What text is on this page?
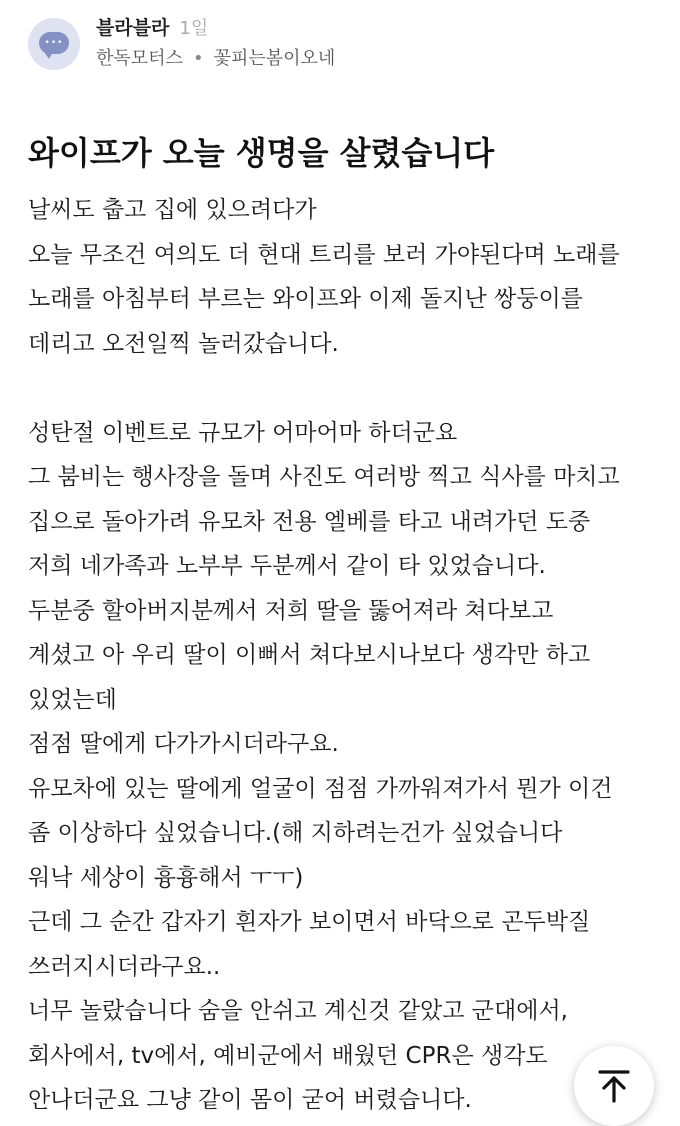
•••
블라블라 1일
한독모터스 • 꽃피는봄이오네
와이프가 오늘 생명을 살렸습니다
날씨도 춥고 집에 있으려다가
오늘 무조건 여의도 더 현대 트리를 보러 가야된다며 노래를
노래를 아침부터 부르는 와이프와 이제 돌지난 쌍둥이를
데리고 오전일찍 놀러갔습니다.
성탄절 이벤트로 규모가 어마어마 하더군요
그 붐비는 행사장을 돌며 사진도 여러방 찍고 식사를 마치고
집으로 돌아가려 유모차 전용 엘베를 타고 내려가던 도중
저희 네가족과 노부부 두분께서 같이 타 있었습니다.
두분중 할아버지분께서 저희 딸을 뚫어져라 쳐다보고
계셨고 아 우리 딸이 이뻐서 쳐다보시나보다 생각만 하고
있었는데
점점 딸에게 다가가시더라구요.
유모차에 있는 딸에게 얼굴이 점점 가까워져가서 뭔가 이건
좀 이상하다 싶었습니다.(해 지하려는건가 싶었습니다
워낙 세상이 흉흉해서 ㅜㅜ)
근데 그 순간 갑자기 흰자가 보이면서 바닥으로 곤두박질
쓰러지시더라구요..
너무 놀랐습니다 숨을 안쉬고 계신것 같았고 군대에서,
회사에서, tv에서, 예비군에서 배웠던 CPR은 생각도
안나더군요 그냥 같이 몸이 굳어 버렸습니다.
